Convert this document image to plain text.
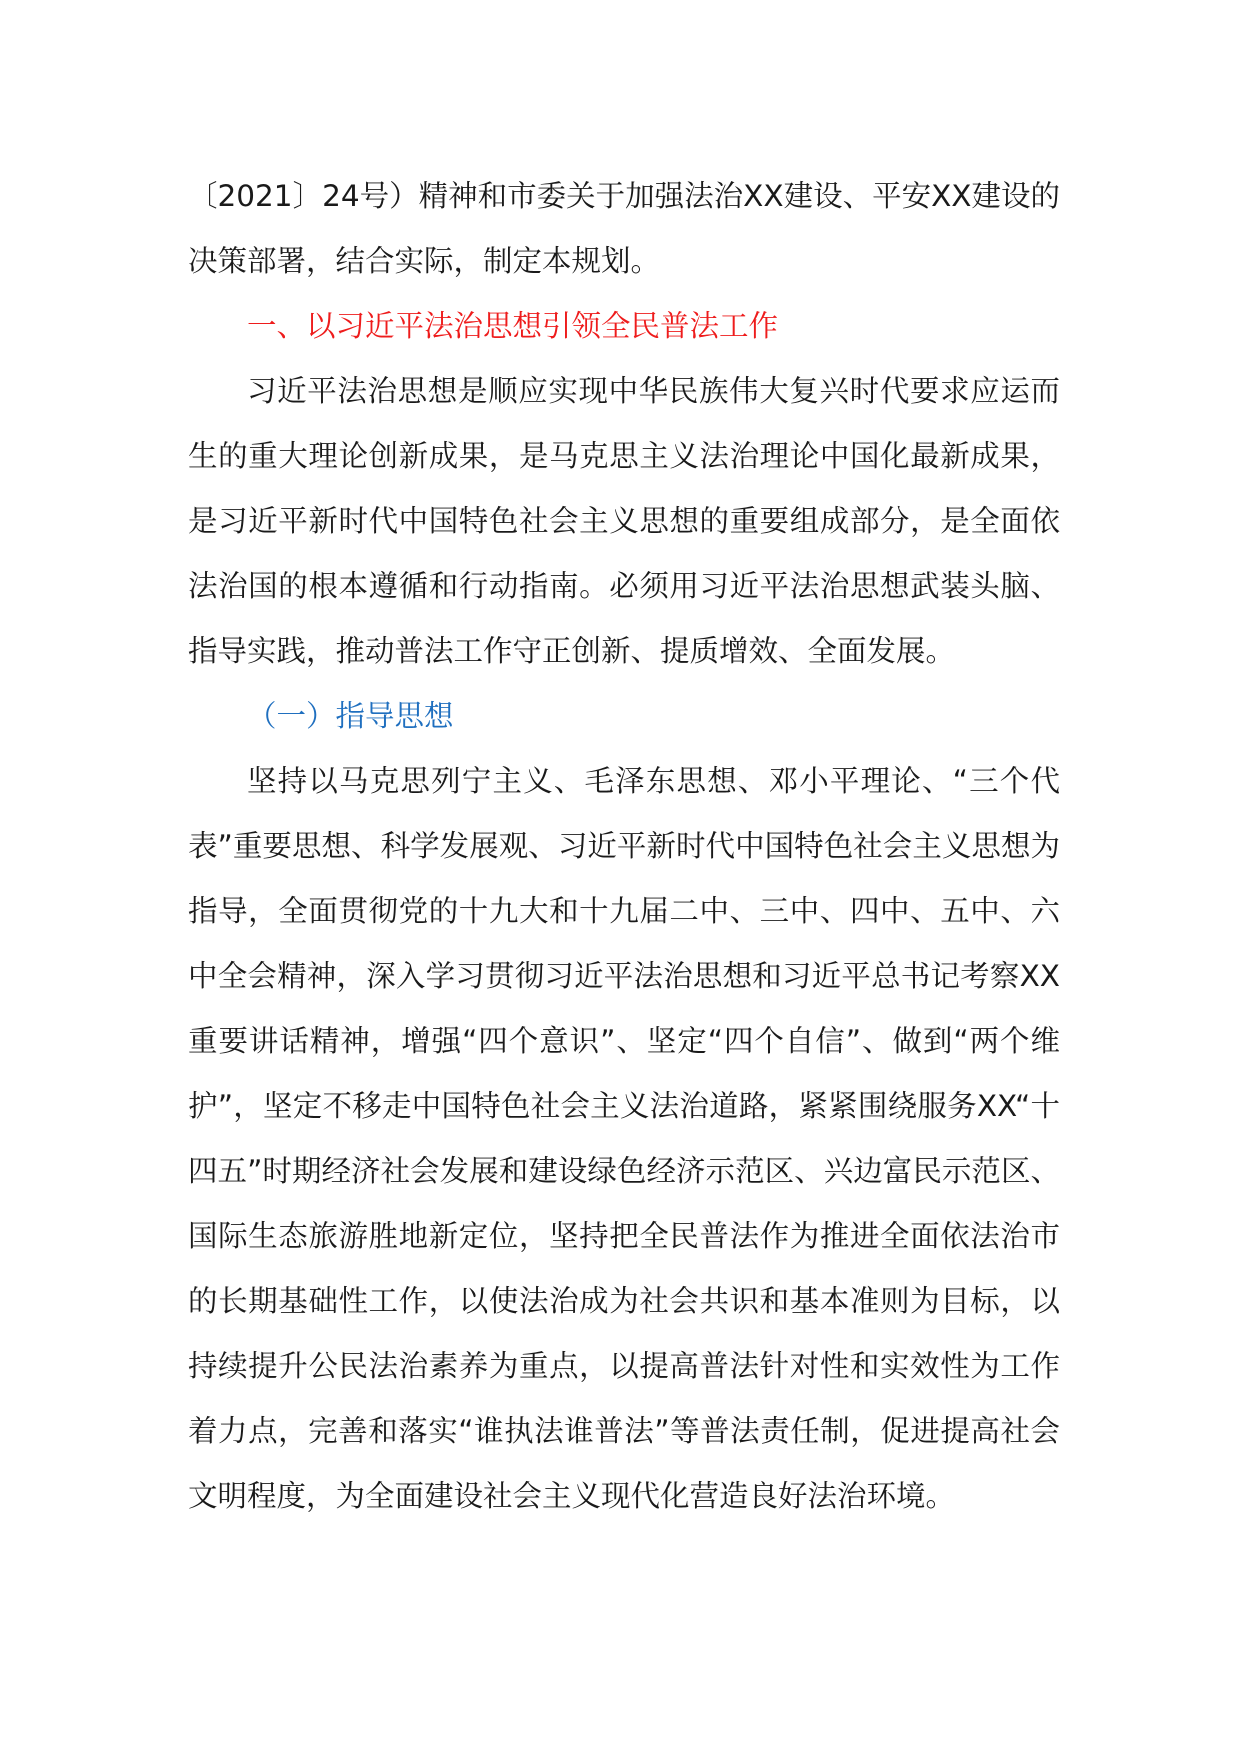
〔2021〕24号）精神和市委关于加强法治XX建设、平安XX建设的决策部署，结合实际，制定本规划。

一、以习近平法治思想引领全民普法工作

习近平法治思想是顺应实现中华民族伟大复兴时代要求应运而生的重大理论创新成果，是马克思主义法治理论中国化最新成果，是习近平新时代中国特色社会主义思想的重要组成部分，是全面依法治国的根本遵循和行动指南。必须用习近平法治思想武装头脑、指导实践，推动普法工作守正创新、提质增效、全面发展。

（一）指导思想

坚持以马克思列宁主义、毛泽东思想、邓小平理论、“三个代表”重要思想、科学发展观、习近平新时代中国特色社会主义思想为指导，全面贯彻党的十九大和十九届二中、三中、四中、五中、六中全会精神，深入学习贯彻习近平法治思想和习近平总书记考察XX重要讲话精神，增强“四个意识”、坚定“四个自信”、做到“两个维护”，坚定不移走中国特色社会主义法治道路，紧紧围绕服务XX“十四五”时期经济社会发展和建设绿色经济示范区、兴边富民示范区、国际生态旅游胜地新定位，坚持把全民普法作为推进全面依法治市的长期基础性工作，以使法治成为社会共识和基本准则为目标，以持续提升公民法治素养为重点，以提高普法针对性和实效性为工作着力点，完善和落实“谁执法谁普法”等普法责任制，促进提高社会文明程度，为全面建设社会主义现代化营造良好法治环境。
